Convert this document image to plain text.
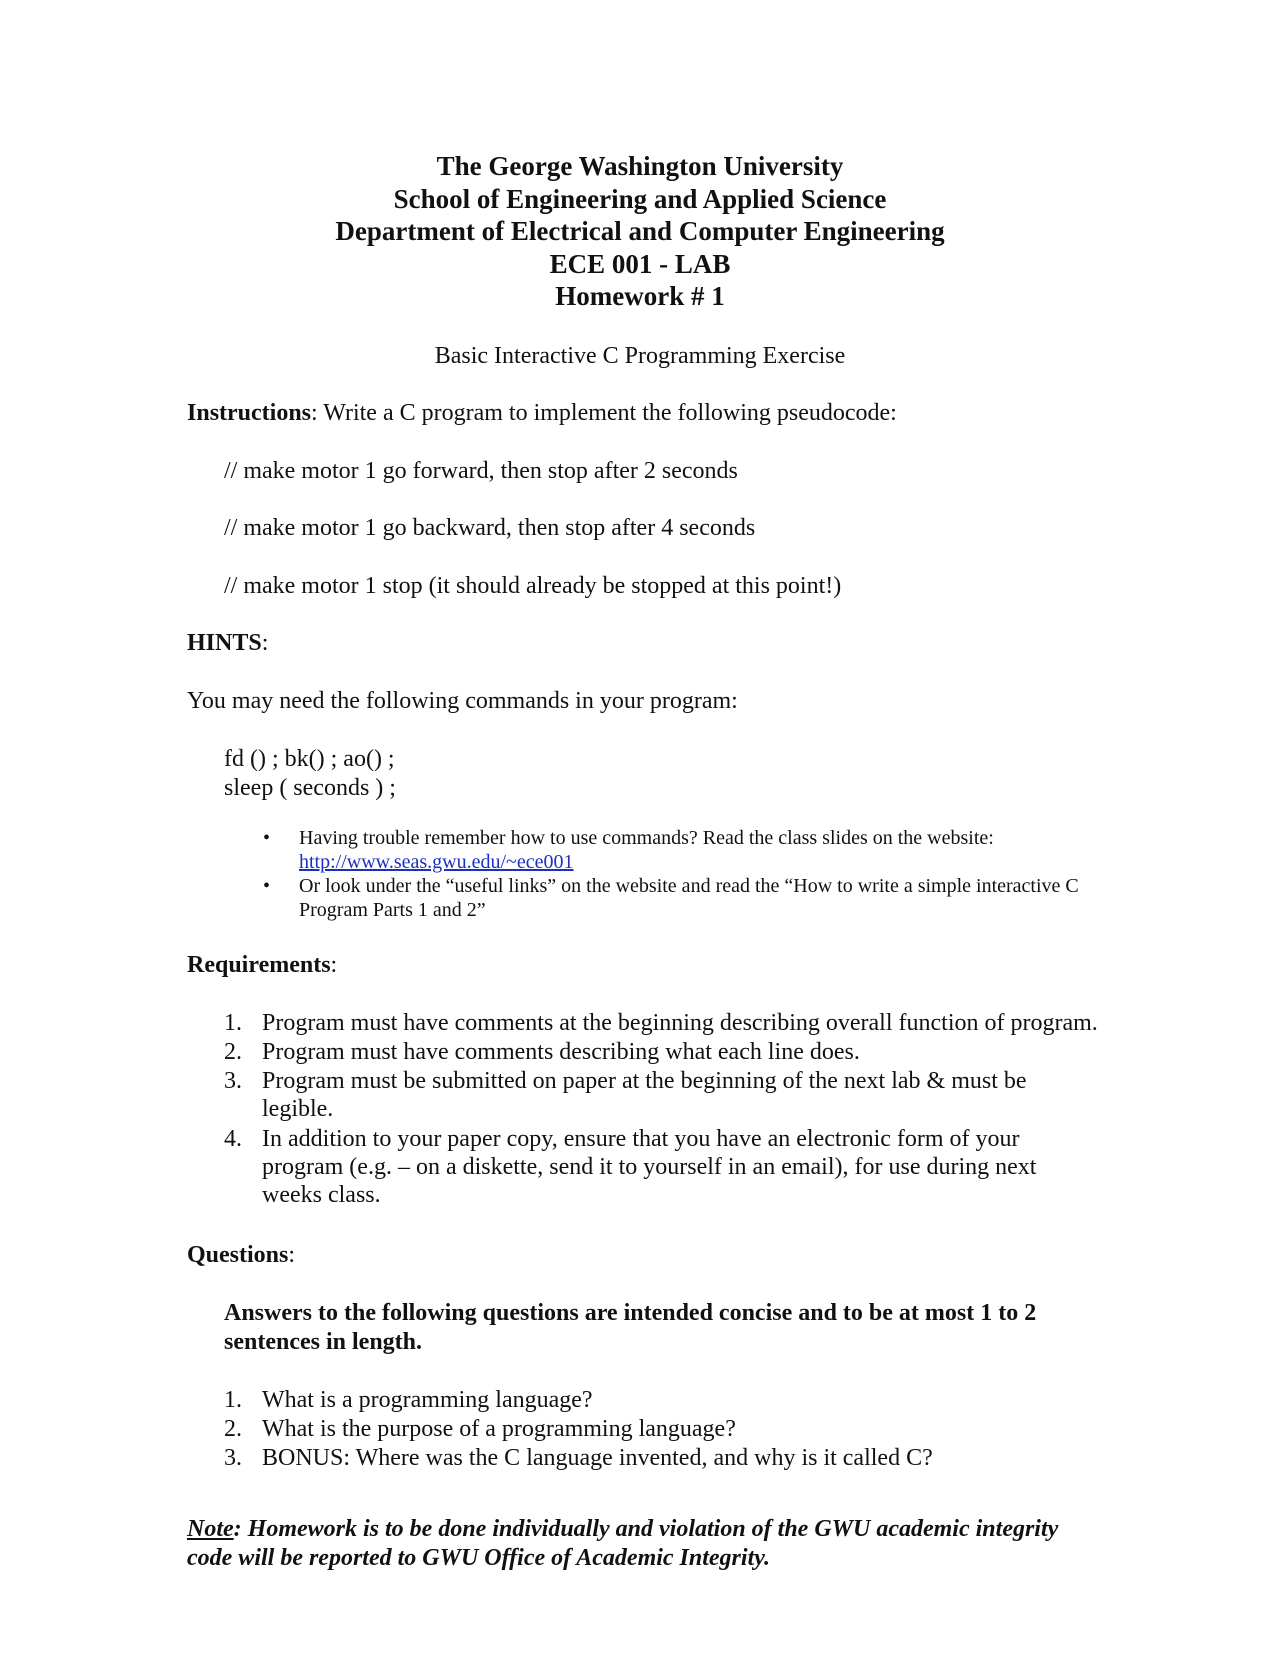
The George Washington University
School of Engineering and Applied Science
Department of Electrical and Computer Engineering
ECE 001 - LAB
Homework # 1
Basic Interactive C Programming Exercise

Instructions: Write a C program to implement the following pseudocode:

// make motor 1 go forward, then stop after 2 seconds

// make motor 1 go backward, then stop after 4 seconds

// make motor 1 stop (it should already be stopped at this point!)

HINTS:

You may need the following commands in your program:

fd () ; bk() ; ao() ;

sleep ( seconds ) ;

• Having trouble remember how to use commands? Read the class slides on the website:
http://www.seas.gwu.edu/~ece001
• Or look under the “useful links” on the website and read the “How to write a simple interactive C Program Parts 1 and 2”

Requirements:

1. Program must have comments at the beginning describing overall function of program.
2. Program must have comments describing what each line does.
3. Program must be submitted on paper at the beginning of the next lab & must be
legible.
4. In addition to your paper copy, ensure that you have an electronic form of your
program (e.g. – on a diskette, send it to yourself in an email), for use during next
weeks class.

Questions:

Answers to the following questions are intended concise and to be at most 1 to 2

sentences in length.

1. What is a programming language?
2. What is the purpose of a programming language?
3. BONUS: Where was the C language invented, and why is it called C?

Note: Homework is to be done individually and violation of the GWU academic integrity

code will be reported to GWU Office of Academic Integrity.
